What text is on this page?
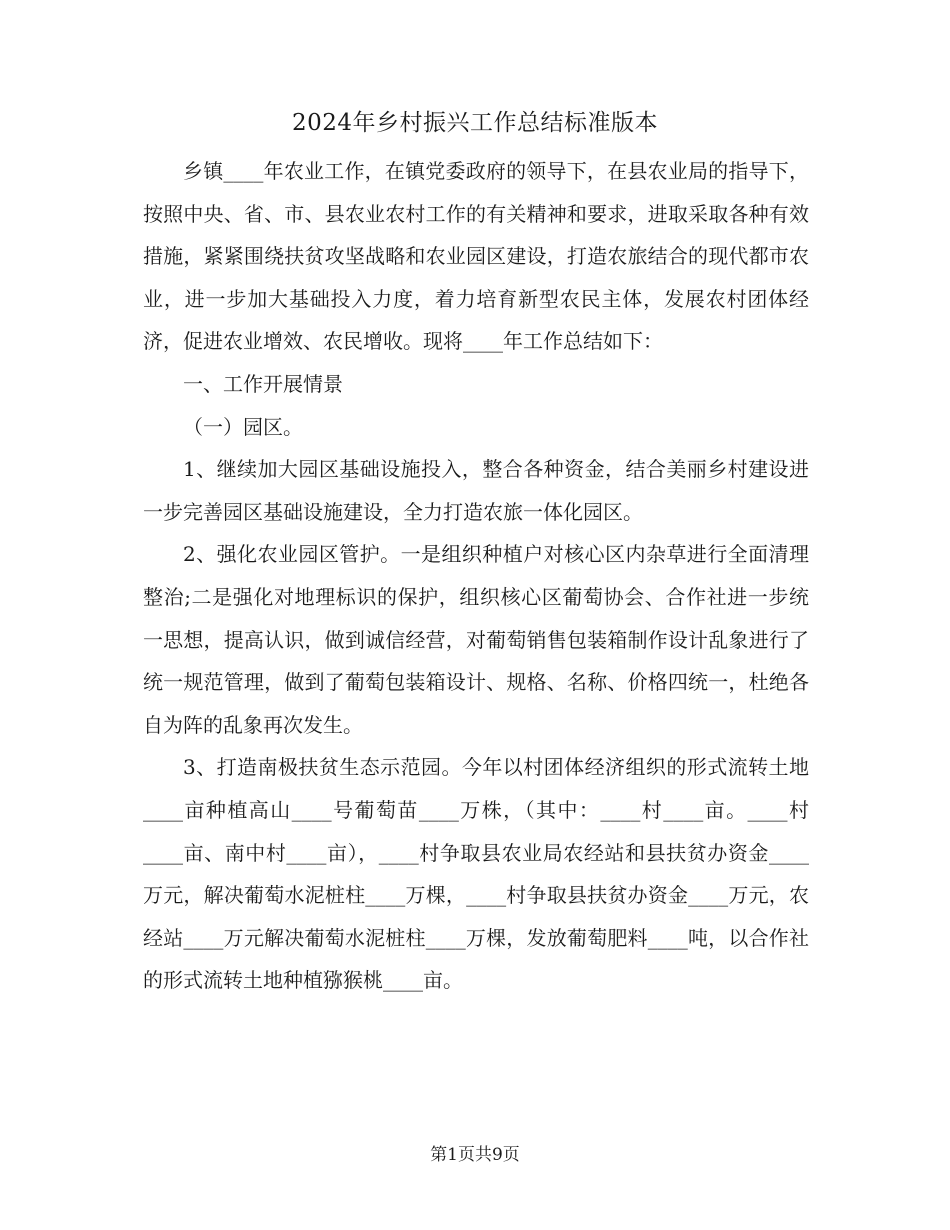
2024年乡村振兴工作总结标准版本

乡镇____年农业工作，在镇党委政府的领导下，在县农业局的指导下，按照中央、省、市、县农业农村工作的有关精神和要求，进取采取各种有效措施，紧紧围绕扶贫攻坚战略和农业园区建设，打造农旅结合的现代都市农业，进一步加大基础投入力度，着力培育新型农民主体，发展农村团体经济，促进农业增效、农民增收。现将____年工作总结如下：

一、工作开展情景

（一）园区。

1、继续加大园区基础设施投入，整合各种资金，结合美丽乡村建设进一步完善园区基础设施建设，全力打造农旅一体化园区。

2、强化农业园区管护。一是组织种植户对核心区内杂草进行全面清理整治;二是强化对地理标识的保护，组织核心区葡萄协会、合作社进一步统一思想，提高认识，做到诚信经营，对葡萄销售包装箱制作设计乱象进行了统一规范管理，做到了葡萄包装箱设计、规格、名称、价格四统一，杜绝各自为阵的乱象再次发生。

3、打造南极扶贫生态示范园。今年以村团体经济组织的形式流转土地____亩种植高山____号葡萄苗____万株，（其中：____村____亩。____村____亩、南中村____亩），____村争取县农业局农经站和县扶贫办资金____万元，解决葡萄水泥桩柱____万棵，____村争取县扶贫办资金____万元，农经站____万元解决葡萄水泥桩柱____万棵，发放葡萄肥料____吨，以合作社的形式流转土地种植猕猴桃____亩。

第1页共9页
